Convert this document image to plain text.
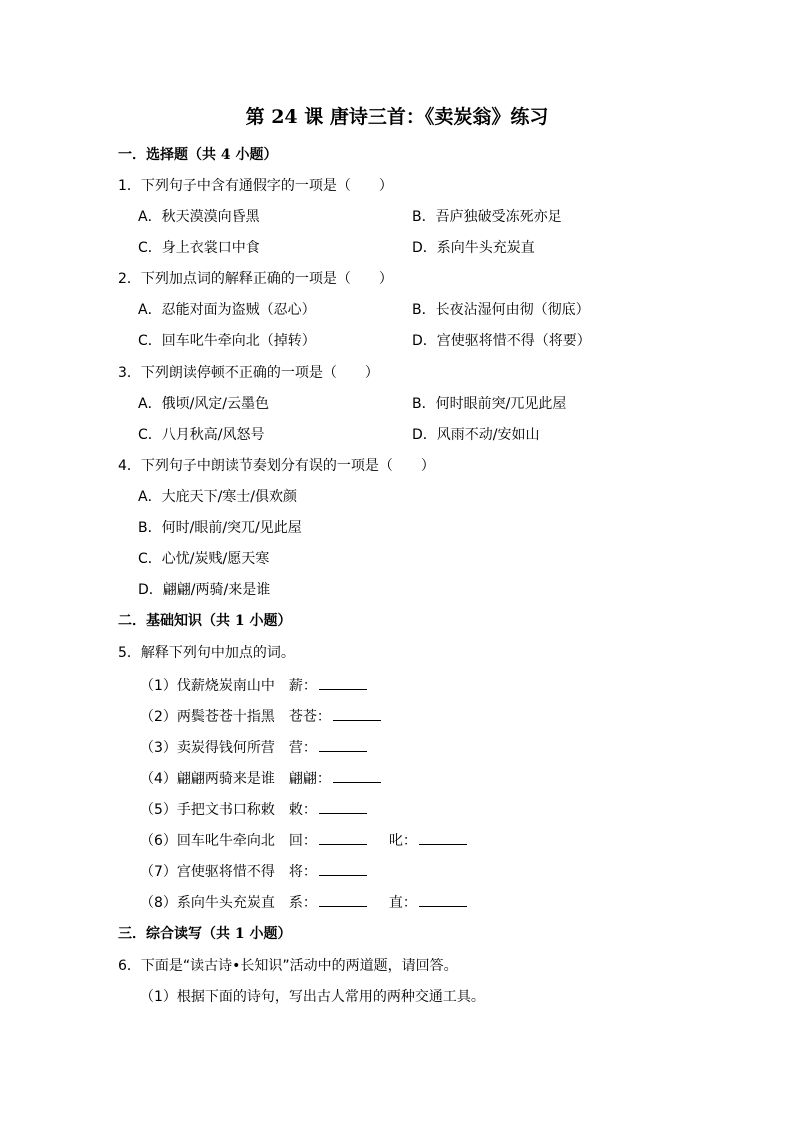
第 24 课 唐诗三首：《卖炭翁》练习
一．选择题（共 4 小题）
1．下列句子中含有通假字的一项是（　　）
A．秋天漠漠向昏黑	B．吾庐独破受冻死亦足
C．身上衣裳口中食	D．系向牛头充炭直
2．下列加点词的解释正确的一项是（　　）
A．忍能对面为盗贼（忍心）	B．长夜沾湿何由彻（彻底）
C．回车叱牛牵向北（掉转）	D．宫使驱将惜不得（将要）
3．下列朗读停顿不正确的一项是（　　）
A．俄顷/风定/云墨色	B．何时眼前突/兀见此屋
C．八月秋高/风怒号	D．风雨不动/安如山
4．下列句子中朗读节奏划分有误的一项是（　　）
A．大庇天下/寒士/俱欢颜
B．何时/眼前/突兀/见此屋
C．心忧/炭贱/愿天寒
D．翩翩/两骑/来是谁
二．基础知识（共 1 小题）
5．解释下列句中加点的词。
（1）伐薪烧炭南山中 薪：
（2）两鬓苍苍十指黑 苍苍：
（3）卖炭得钱何所营 营：
（4）翩翩两骑来是谁 翩翩：
（5）手把文书口称敕 敕：
（6）回车叱牛牵向北 回：	叱：
（7）宫使驱将惜不得 将：
（8）系向牛头充炭直 系：	直：
三．综合读写（共 1 小题）
6．下面是“读古诗•长知识”活动中的两道题，请回答。
（1）根据下面的诗句，写出古人常用的两种交通工具。
